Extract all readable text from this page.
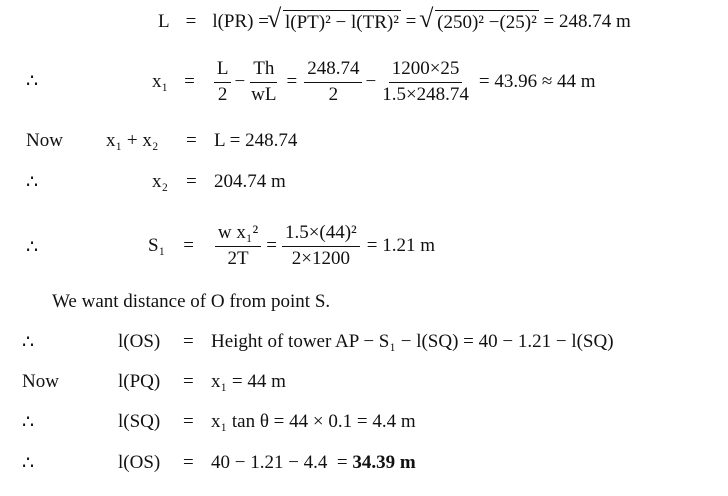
L = l(PR) =
√ l(PT)² − l(TR)² =
√ (250)² −(25)² = 248.74 m
∴	$x_1 = \frac{L}{2} - \frac{Th}{wL} = \frac{248.74}{2} - \frac{1200\times 25}{1.5\times 248.74} = 43.96 \approx 44$ m
Now x₁ + x₂ = L = 248.74
∴	x₂ = 204.74 m
∴	$S_1 = \frac{\text{w x₁²}}{2T} = \frac{\text{1.5×(44)²}}{2\times 1200} = 1.21$ m
We want distance of O from point S.
∴	l(OS) = Height of tower AP − S₁ − l(SQ) = 40 − 1.21 − l(SQ)
Now	l(PQ) = x₁ = 44 m
∴	l(SQ) = x₁ tan θ = 44 × 0.1 = 4.4 m
∴	l(OS) = 40 − 1.21 − 4.4  = 34.39 m
